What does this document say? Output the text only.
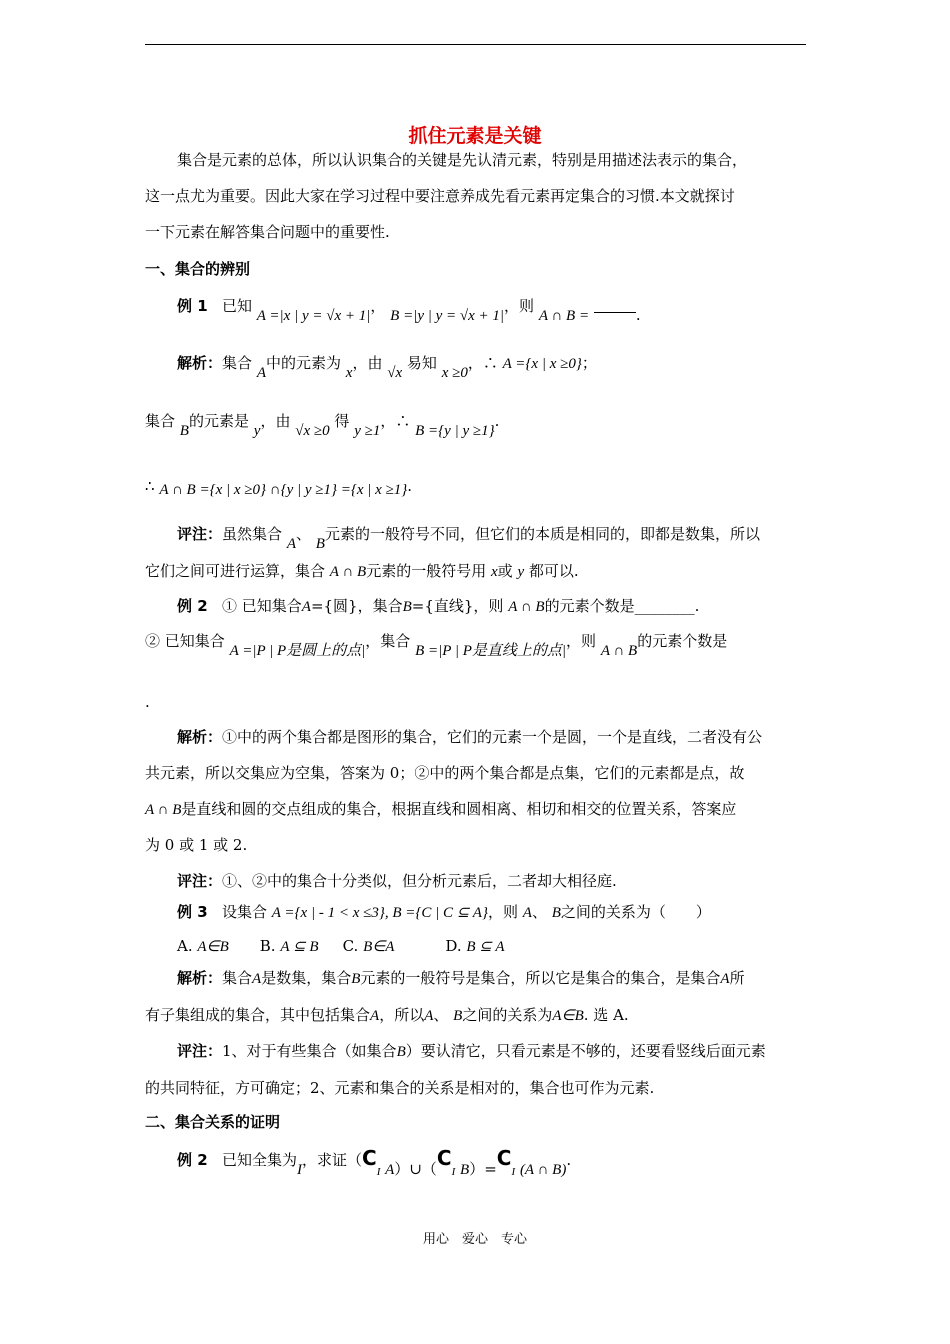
抓住元素是关键
集合是元素的总体，所以认识集合的关键是先认清元素，特别是用描述法表示的集合，
这一点尤为重要。因此大家在学习过程中要注意养成先看元素再定集合的习惯.本文就探讨
一下元素在解答集合问题中的重要性.
一、集合的辨别
例 1 已知 A =|x | y = √x + 1|， B =|y | y = √x + 1|，则 A ∩ B =	.
解析：集合 A中的元素为 x，由 √x 易知 x ≥0，∴ A ={x | x ≥0}；
集合 B的元素是 y，由 √x ≥0 得 y ≥1，∴ B ={y | y ≥1}.
∴ A ∩ B ={x | x ≥0} ∩{y | y ≥1} ={x | x ≥1}.
评注：虽然集合 A、 B元素的一般符号不同，但它们的本质是相同的，即都是数集，所以
它们之间可进行运算，集合 A ∩ B元素的一般符号用 x或 y 都可以.
例 2 ① 已知集合A={圆}，集合B={直线}，则 A ∩ B的元素个数是________.
② 已知集合 A =|P | P是圆上的点|，集合 B =|P | P是直线上的点|，则 A ∩ B的元素个数是
.
解析：①中的两个集合都是图形的集合，它们的元素一个是圆，一个是直线，二者没有公
共元素，所以交集应为空集，答案为 0；②中的两个集合都是点集，它们的元素都是点，故
A ∩ B是直线和圆的交点组成的集合，根据直线和圆相离、相切和相交的位置关系，答案应
为 0 或 1 或 2.
评注：①、②中的集合十分类似，但分析元素后，二者却大相径庭.
例 3 设集合 A ={x | - 1 < x ≤3}, B ={C | C ⊆ A}，则 A、 B之间的关系为（　　）
A. A∈B B. A ⊆ B C. B∈A	D. B ⊆ A
解析：集合A是数集，集合B元素的一般符号是集合，所以它是集合的集合，是集合A所
有子集组成的集合，其中包括集合A，所以A、 B之间的关系为A∈B. 选 A.
评注：1、对于有些集合（如集合B）要认清它，只看元素是不够的，还要看竖线后面元素
的共同特征，方可确定；2、元素和集合的关系是相对的，集合也可作为元素.
二、集合关系的证明
例 2 已知全集为I，求证（$C_I$ $A)\cup(C_I$ $B)=C_I$ (A ∩ B).
用心　爱心　专心
